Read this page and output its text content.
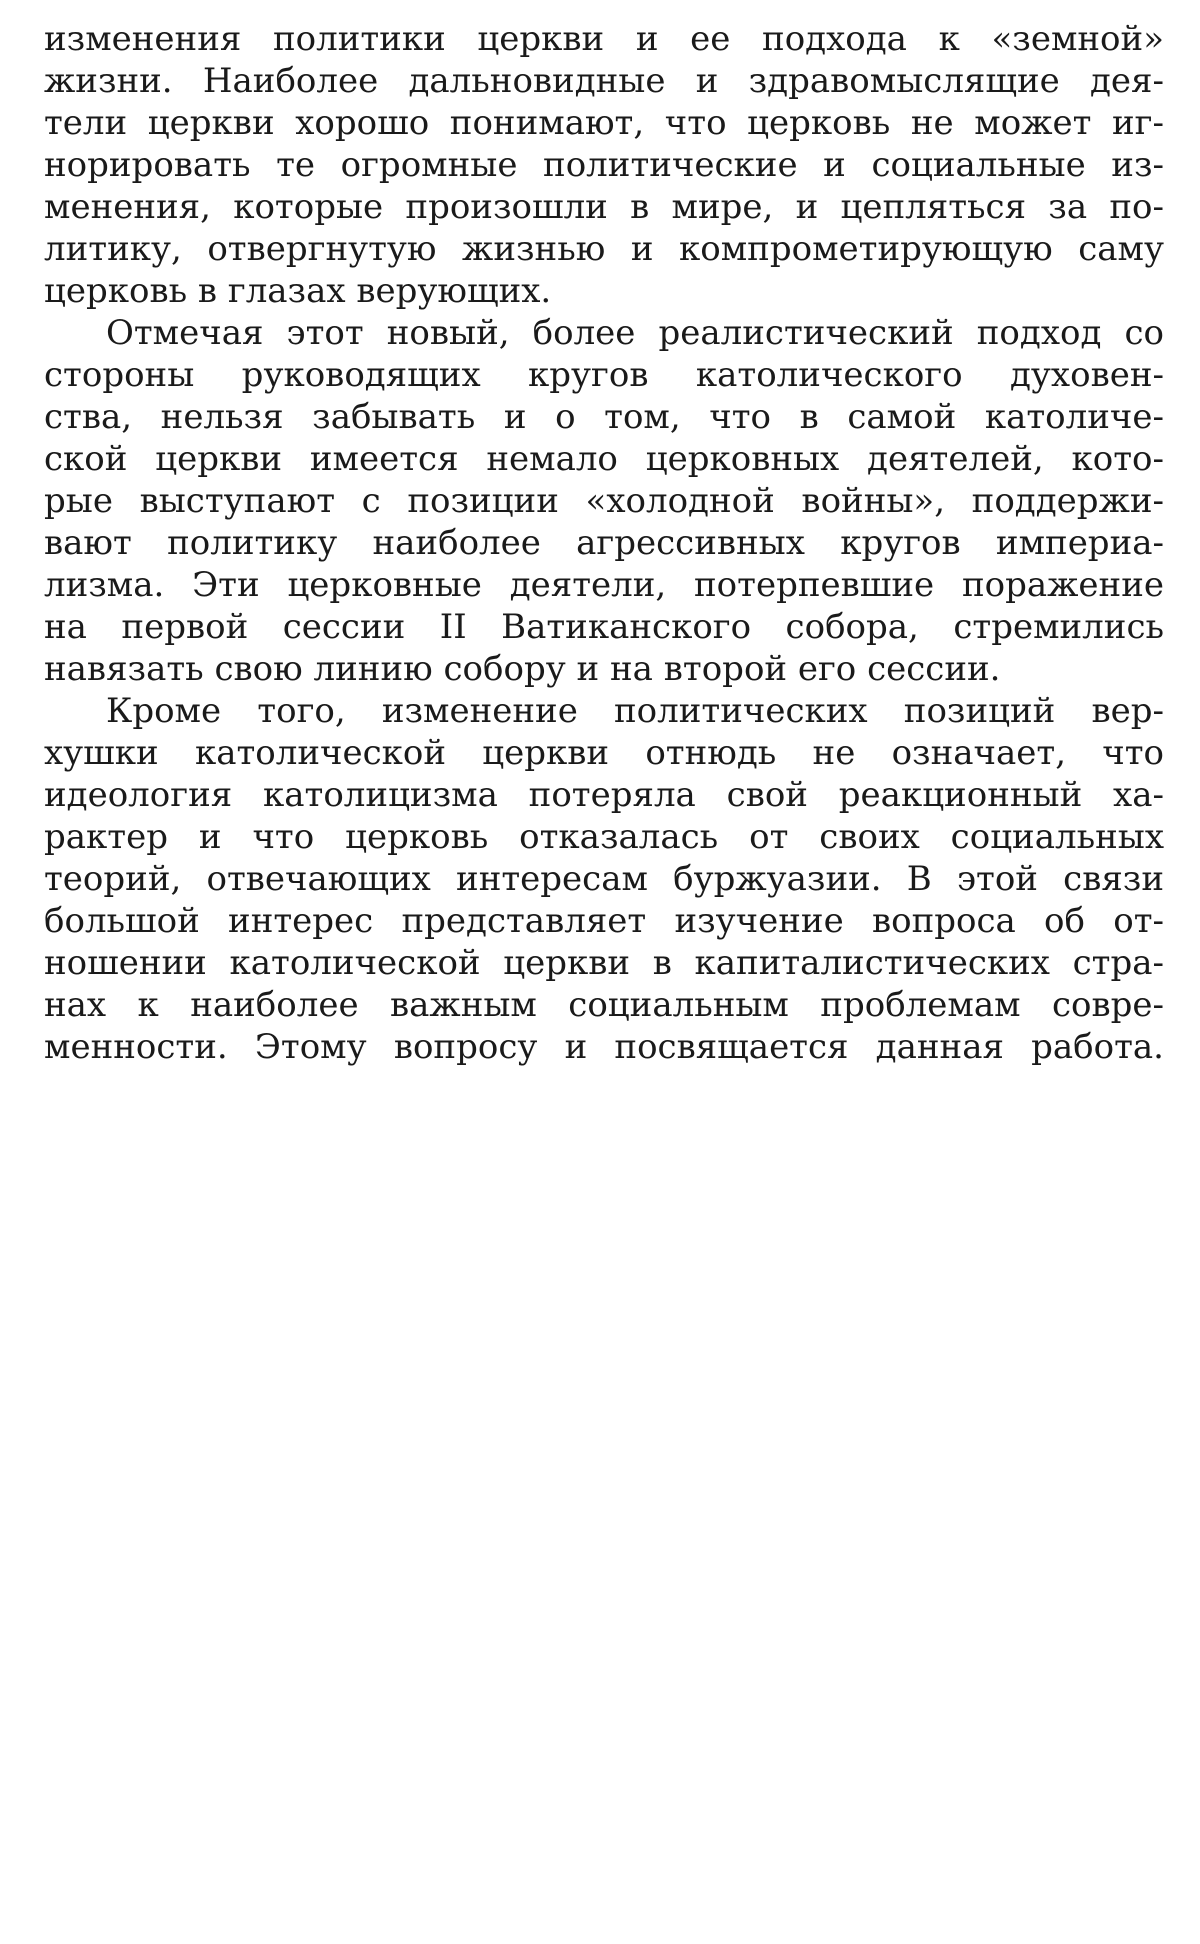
изменения политики церкви и ее подхода к «земной»
жизни. Наиболее дальновидные и здравомыслящие дея-
тели церкви хорошо понимают, что церковь не может иг-
норировать те огромные политические и социальные из-
менения, которые произошли в мире, и цепляться за по-
литику, отвергнутую жизнью и компрометирующую саму
церковь в глазах верующих.
Отмечая этот новый, более реалистический подход со
стороны руководящих кругов католического духовен-
ства, нельзя забывать и о том, что в самой католиче-
ской церкви имеется немало церковных деятелей, кото-
рые выступают с позиции «холодной войны», поддержи-
вают политику наиболее агрессивных кругов империа-
лизма. Эти церковные деятели, потерпевшие поражение
на первой сессии II Ватиканского собора, стремились
навязать свою линию собору и на второй его сессии.
Кроме того, изменение политических позиций вер-
хушки католической церкви отнюдь не означает, что
идеология католицизма потеряла свой реакционный ха-
рактер и что церковь отказалась от своих социальных
теорий, отвечающих интересам буржуазии. В этой связи
большой интерес представляет изучение вопроса об от-
ношении католической церкви в капиталистических стра-
нах к наиболее важным социальным проблемам совре-
менности. Этому вопросу и посвящается данная работа.
